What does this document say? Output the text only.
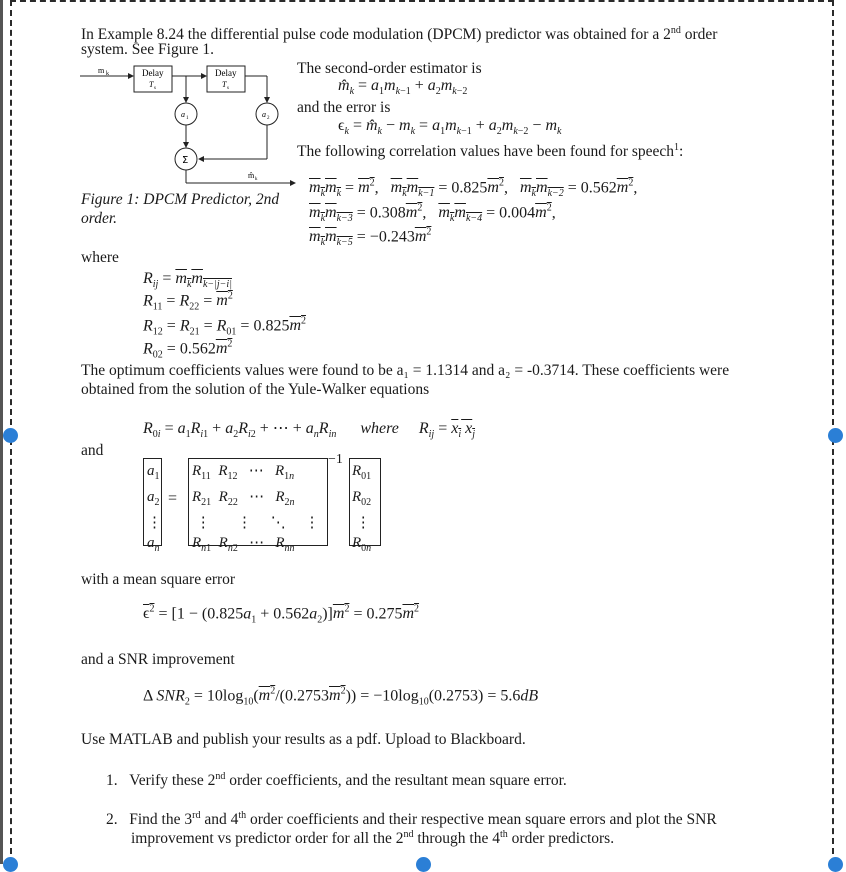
In Example 8.24 the differential pulse code modulation (DPCM) predictor was obtained for a 2nd order
system. See Figure 1.
m k	Delay
T s
Delay
T s
a 1	a 2
Σ
m̂ k
Figure 1: DPCM Predictor, 2nd
order.
The second-order estimator is
$m̂_k = a_1m_{k-1} + a_2m_{k-2}$
and the error is
$\epsilon_k$ = $m̂_k - m_k = a_1m_{k-1} + a_2m_{k-2} - m_k$
The following correlation values have been found for speech$^1$:
$m_km_k = m^2$,   $m_km_{k-1} = 0.825m^2$,   $m_km_{k-2} = 0.562m^2$,
$m_km_{k-3} = 0.308m^2$,   $m_km_{k-4} = 0.004m^2$,
$m_km_{k-5} = -0.243m^2$
where
$R_{ij} = m_km_{k-|j-i|}$
$R_{11} = R_{22} = m^2$
$R_{12} = R_{21} = R_{01} = 0.825m^2$
$R_{02} = 0.562m^2$
The optimum coefficients values were found to be a₁ = 1.1314 and a₂ = -0.3714. These coefficients were
obtained from the solution of the Yule-Walker equations
$R_{0i} = a_1R_{i1} + a_2R_{i2}$ + ⋯ + $a_nR_{in}$ where $R_{ij} = x_i$ $x_j$
and
$a_1$
$a_2$
⋮
$a_n$
=
$R_{11}$ $R_{12}$   ⋯   $R_{1n}$
$R_{21}$ $R_{22}$   ⋯   $R_{2n}$
⋮       ⋮     ⋱     ⋮
$R_{n1}$ $R_{n2}$   ⋯   $R_{nn}$
−1
$R_{01}$
$R_{02}$
⋮
$R_{0n}$
with a mean square error
$\epsilon^2 = [1 - (0.825a_1 + 0.562a_2)]m^2 = 0.275m^2$
and a SNR improvement
Δ $SNR_2 = 10\log_{10}(m^2/(0.2753m^2)) = -10\log_{10}(0.2753) = 5.6dB$
Use MATLAB and publish your results as a pdf. Upload to Blackboard.
1. Verify these 2nd order coefficients, and the resultant mean square error.
2. Find the 3rd and 4th order coefficients and their respective mean square errors and plot the SNR
improvement vs predictor order for all the 2nd through the 4th order predictors.
